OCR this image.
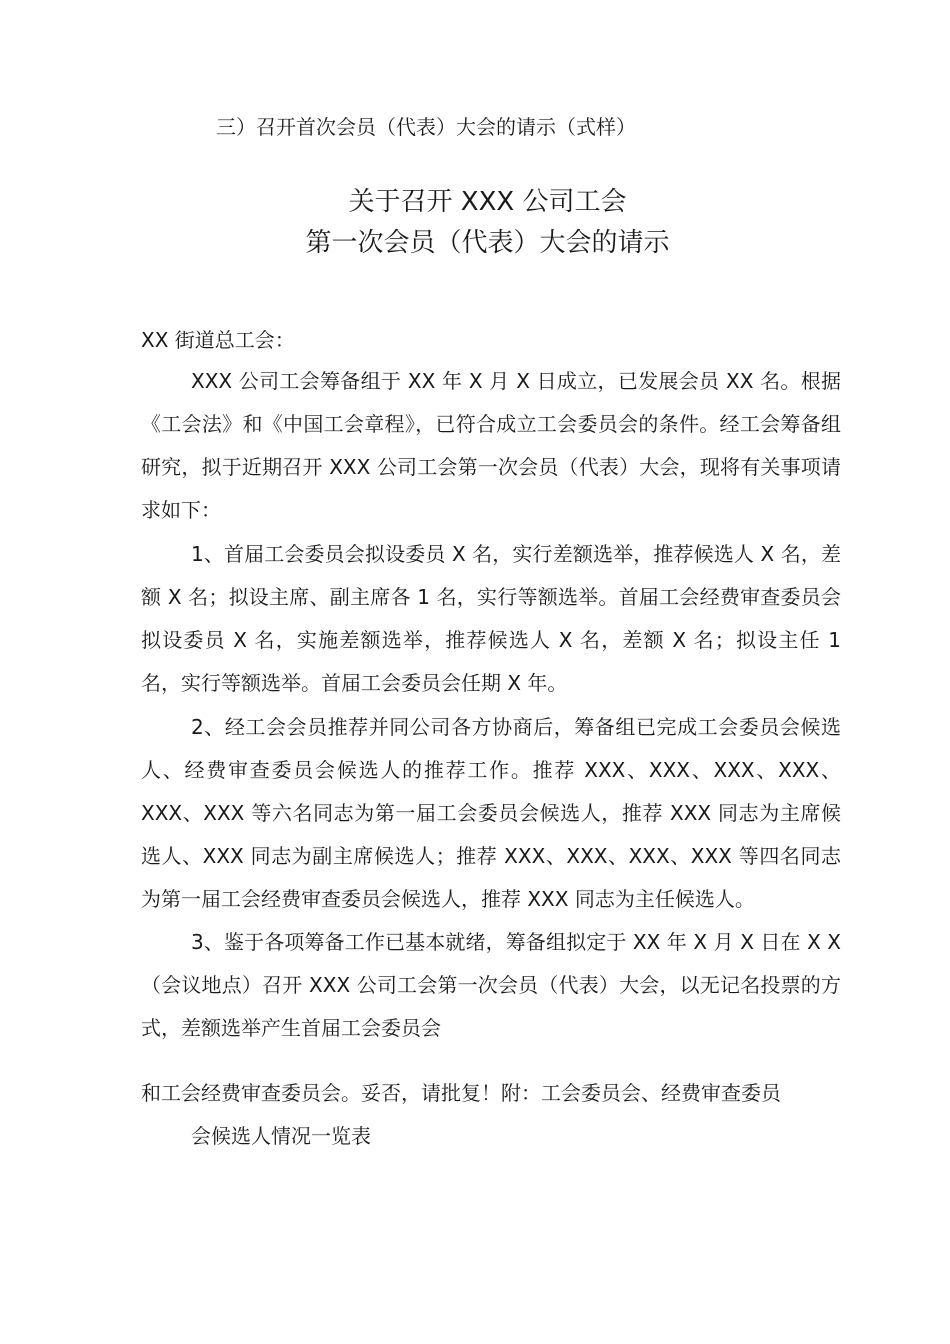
三）召开首次会员（代表）大会的请示（式样）
关于召开 XXX 公司工会
第一次会员（代表）大会的请示
XX 街道总工会：

XXX 公司工会筹备组于 XX 年 X 月 X 日成立，已发展会员 XX 名。根据《工会法》和《中国工会章程》，已符合成立工会委员会的条件。经工会筹备组研究，拟于近期召开 XXX 公司工会第一次会员（代表）大会，现将有关事项请求如下：

1、首届工会委员会拟设委员 X 名，实行差额选举，推荐候选人 X 名，差额 X 名；拟设主席、副主席各 1 名，实行等额选举。首届工会经费审查委员会拟设委员 X 名，实施差额选举，推荐候选人 X 名，差额 X 名；拟设主任 1 名，实行等额选举。首届工会委员会任期 X 年。

2、经工会会员推荐并同公司各方协商后，筹备组已完成工会委员会候选人、经费审查委员会候选人的推荐工作。推荐 XXX、XXX、XXX、XXX、XXX、XXX 等六名同志为第一届工会委员会候选人，推荐 XXX 同志为主席候选人、XXX 同志为副主席候选人；推荐 XXX、XXX、XXX、XXX 等四名同志为第一届工会经费审查委员会候选人，推荐 XXX 同志为主任候选人。

3、鉴于各项筹备工作已基本就绪，筹备组拟定于 XX 年 X 月 X 日在 X X（会议地点）召开 XXX 公司工会第一次会员（代表）大会，以无记名投票的方式，差额选举产生首届工会委员会

和工会经费审查委员会。妥否，请批复！附：工会委员会、经费审查委员
会候选人情况一览表
